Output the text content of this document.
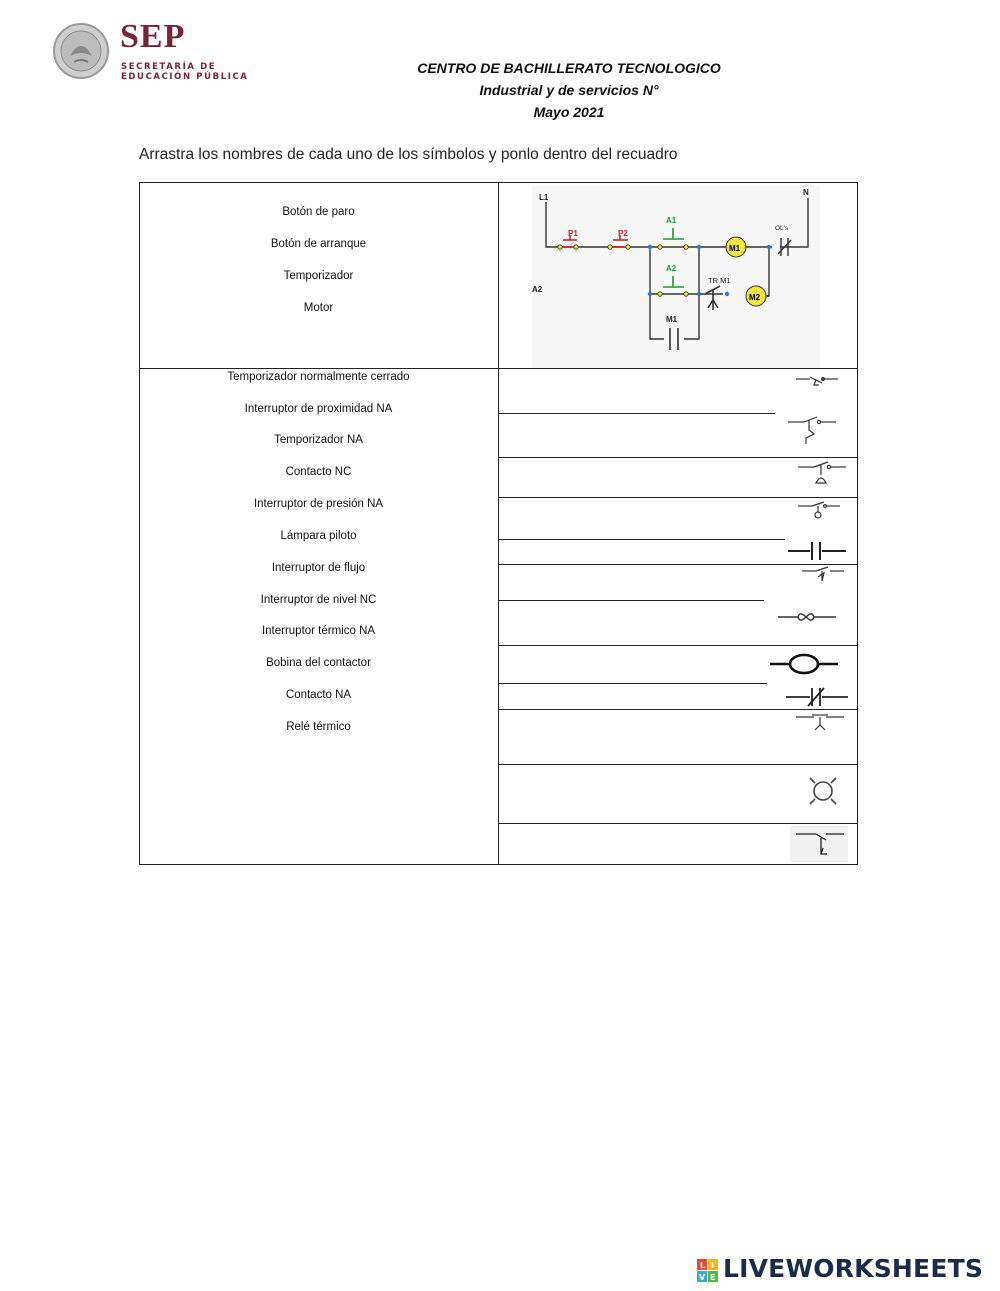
SEP
SECRETARÍA DE
EDUCACIÓN PÚBLICA
CENTRO DE BACHILLERATO TECNOLOGICO
Industrial y de servicios N°
Mayo 2021
Arrastra los nombres de cada uno de los símbolos y ponlo dentro del recuadro
Botón de paro
Botón de arranque
Temporizador
Motor
L1
N
P1	P2
A1
A2
OL's
TR M1
M1
A2
M1
M2
Temporizador normalmente cerrado
Interruptor de proximidad NA
Temporizador NA
Contacto NC
Interruptor de presión NA
Lámpara piloto
Interruptor de flujo
Interruptor de nivel NC
Interruptor térmico NA
Bobina del contactor
Contacto NA
Relé térmico
L I
V E LIVEWORKSHEETS
